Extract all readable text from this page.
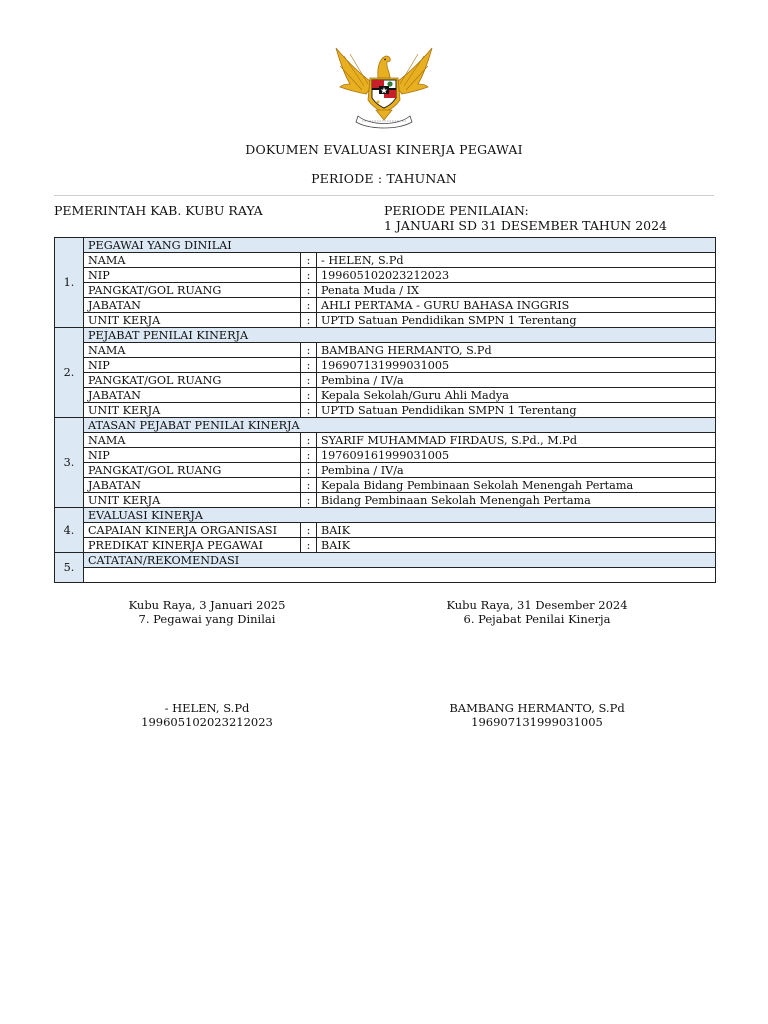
DOKUMEN EVALUASI KINERJA PEGAWAI
PERIODE : TAHUNAN
PEMERINTAH KAB. KUBU RAYA	PERIODE PENILAIAN:
1 JANUARI SD 31 DESEMBER TAHUN 2024
1.	PEGAWAI YANG DINILAI		
	NAMA	:	- HELEN, S.Pd
	NIP	:	199605102023212023
	PANGKAT/GOL RUANG	:	Penata Muda / IX
	JABATAN	:	AHLI PERTAMA - GURU BAHASA INGGRIS
	UNIT KERJA	:	UPTD Satuan Pendidikan SMPN 1 Terentang
2.	PEJABAT PENILAI KINERJA		
	NAMA	:	BAMBANG HERMANTO, S.Pd
	NIP	:	196907131999031005
	PANGKAT/GOL RUANG	:	Pembina / IV/a
	JABATAN	:	Kepala Sekolah/Guru Ahli Madya
	UNIT KERJA	:	UPTD Satuan Pendidikan SMPN 1 Terentang
3.	ATASAN PEJABAT PENILAI KINERJA		
	NAMA	:	SYARIF MUHAMMAD FIRDAUS, S.Pd., M.Pd
	NIP	:	197609161999031005
	PANGKAT/GOL RUANG	:	Pembina / IV/a
	JABATAN	:	Kepala Bidang Pembinaan Sekolah Menengah Pertama
	UNIT KERJA	:	Bidang Pembinaan Sekolah Menengah Pertama
4.	EVALUASI KINERJA		
	CAPAIAN KINERJA ORGANISASI	:	BAIK
	PREDIKAT KINERJA PEGAWAI	:	BAIK
5.	CATATAN/REKOMENDASI		

Kubu Raya, 3 Januari 2025
7. Pegawai yang Dinilai
- HELEN, S.Pd
199605102023212023
Kubu Raya, 31 Desember 2024
6. Pejabat Penilai Kinerja
BAMBANG HERMANTO, S.Pd
196907131999031005
